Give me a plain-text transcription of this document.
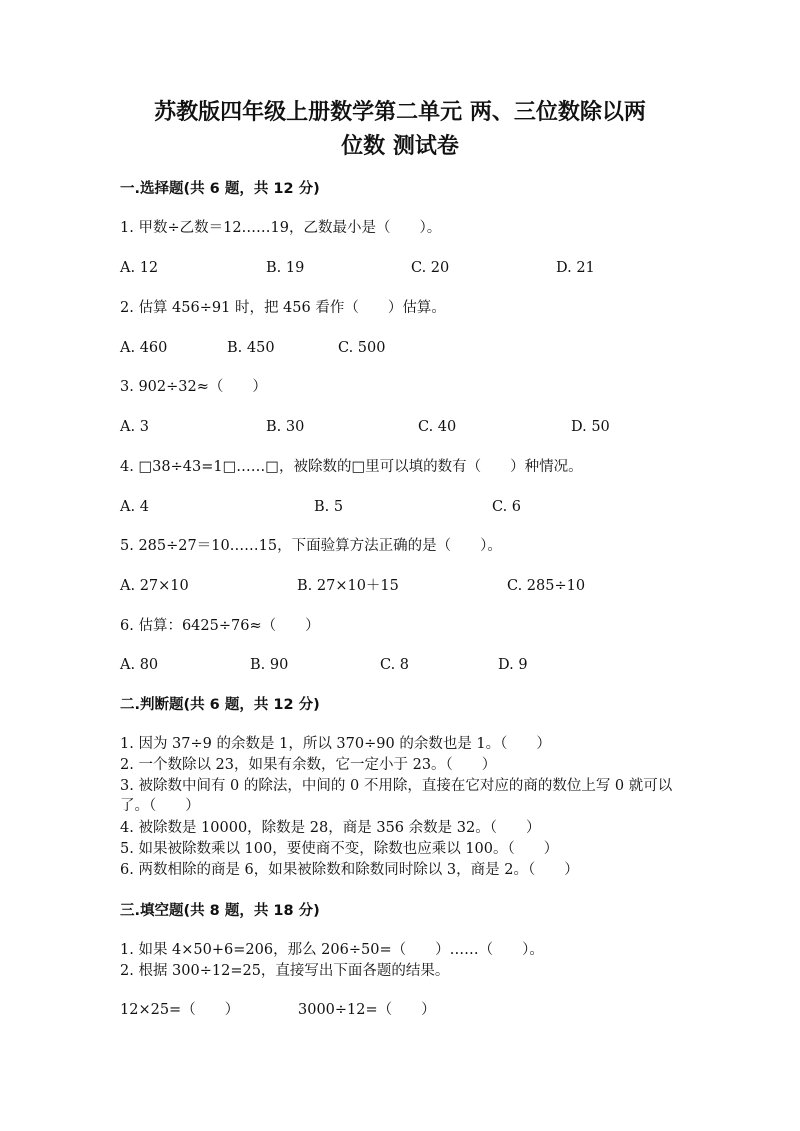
苏教版四年级上册数学第二单元 两、三位数除以两
位数 测试卷
一.选择题(共 6 题，共 12 分)
1. 甲数÷乙数＝12……19，乙数最小是（　　）。
A. 12	B. 19	C. 20	D. 21
2. 估算 456÷91 时，把 456 看作（　　）估算。
A. 460	B. 450	C. 500
3. 902÷32≈（　　）
A. 3	B. 30	C. 40	D. 50
4. □38÷43=1□……□，被除数的□里可以填的数有（　　）种情况。
A. 4	B. 5	C. 6
5. 285÷27＝10……15，下面验算方法正确的是（　　）。
A. 27×10	B. 27×10＋15	C. 285÷10
6. 估算：6425÷76≈（　　）
A. 80	B. 90	C. 8	D. 9
二.判断题(共 6 题，共 12 分)
1. 因为 37÷9 的余数是 1，所以 370÷90 的余数也是 1。（　　）
2. 一个数除以 23，如果有余数，它一定小于 23。（　　）
3. 被除数中间有 0 的除法，中间的 0 不用除，直接在它对应的商的数位上写 0 就可以了。（　　）
4. 被除数是 10000，除数是 28，商是 356 余数是 32。（　　）
5. 如果被除数乘以 100，要使商不变，除数也应乘以 100。（　　）
6. 两数相除的商是 6，如果被除数和除数同时除以 3，商是 2。（　　）
三.填空题(共 8 题，共 18 分)
1. 如果 4×50+6=206，那么 206÷50=（　　）……（　　）。
2. 根据 300÷12=25，直接写出下面各题的结果。
12×25=（　　）	3000÷12=（　　）
